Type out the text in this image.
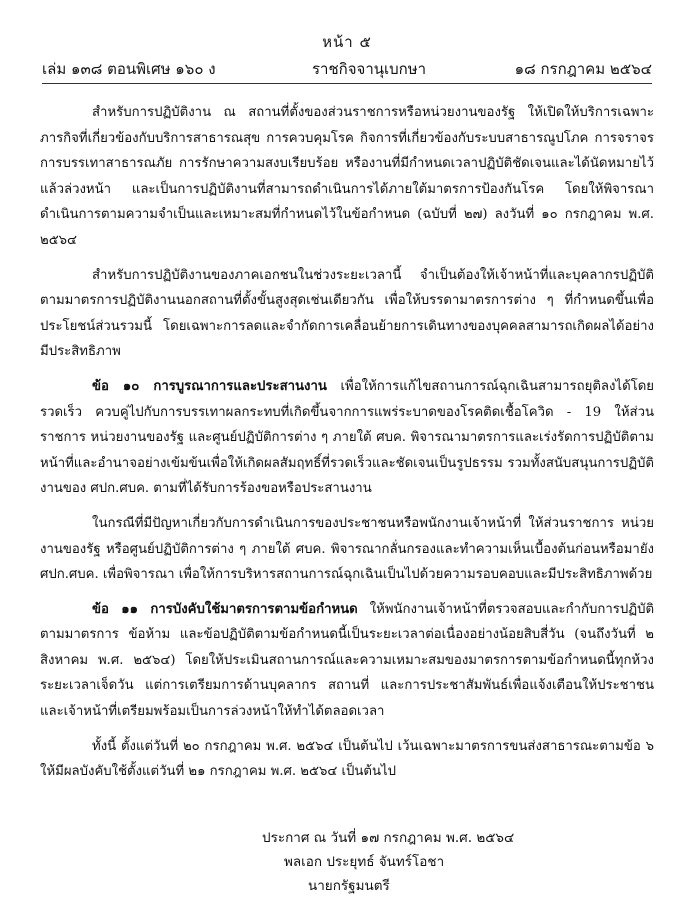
หน้า ๕
เล่ม ๑๓๘ ตอนพิเศษ ๑๖๐ ง	ราชกิจจานุเบกษา	๑๘ กรกฎาคม ๒๕๖๔

สำหรับการปฏิบัติงาน ณ สถานที่ตั้งของส่วนราชการหรือหน่วยงานของรัฐ ให้เปิดให้บริการเฉพาะภารกิจที่เกี่ยวข้องกับบริการสาธารณสุข การควบคุมโรค กิจการที่เกี่ยวข้องกับระบบสาธารณูปโภค การจราจร การบรรเทาสาธารณภัย การรักษาความสงบเรียบร้อย หรืองานที่มีกำหนดเวลาปฏิบัติชัดเจนและได้นัดหมายไว้แล้วล่วงหน้า และเป็นการปฏิบัติงานที่สามารถดำเนินการได้ภายใต้มาตรการป้องกันโรค โดยให้พิจารณาดำเนินการตามความจำเป็นและเหมาะสมที่กำหนดไว้ในข้อกำหนด (ฉบับที่ ๒๗) ลงวันที่ ๑๐ กรกฎาคม พ.ศ. ๒๕๖๔

สำหรับการปฏิบัติงานของภาคเอกชนในช่วงระยะเวลานี้ จำเป็นต้องให้เจ้าหน้าที่และบุคลากรปฏิบัติตามมาตรการปฏิบัติงานนอกสถานที่ตั้งขั้นสูงสุดเช่นเดียวกัน เพื่อให้บรรดามาตรการต่าง ๆ ที่กำหนดขึ้นเพื่อประโยชน์ส่วนรวมนี้ โดยเฉพาะการลดและจำกัดการเคลื่อนย้ายการเดินทางของบุคคลสามารถเกิดผลได้อย่างมีประสิทธิภาพ

ข้อ ๑๐ การบูรณาการและประสานงาน เพื่อให้การแก้ไขสถานการณ์ฉุกเฉินสามารถยุติลงได้โดยรวดเร็ว ควบคู่ไปกับการบรรเทาผลกระทบที่เกิดขึ้นจากการแพร่ระบาดของโรคติดเชื้อโควิด - 19 ให้ส่วนราชการ หน่วยงานของรัฐ และศูนย์ปฏิบัติการต่าง ๆ ภายใต้ ศบค. พิจารณามาตรการและเร่งรัดการปฏิบัติตามหน้าที่และอำนาจอย่างเข้มข้นเพื่อให้เกิดผลสัมฤทธิ์ที่รวดเร็วและชัดเจนเป็นรูปธรรม รวมทั้งสนับสนุนการปฏิบัติงานของ ศปก.ศบค. ตามที่ได้รับการร้องขอหรือประสานงาน

ในกรณีที่มีปัญหาเกี่ยวกับการดำเนินการของประชาชนหรือพนักงานเจ้าหน้าที่ ให้ส่วนราชการ หน่วยงานของรัฐ หรือศูนย์ปฏิบัติการต่าง ๆ ภายใต้ ศบค. พิจารณากลั่นกรองและทำความเห็นเบื้องต้นก่อนหรือมายัง ศปก.ศบค. เพื่อพิจารณา เพื่อให้การบริหารสถานการณ์ฉุกเฉินเป็นไปด้วยความรอบคอบและมีประสิทธิภาพด้วย

ข้อ ๑๑ การบังคับใช้มาตรการตามข้อกำหนด ให้พนักงานเจ้าหน้าที่ตรวจสอบและกำกับการปฏิบัติตามมาตรการ ข้อห้าม และข้อปฏิบัติตามข้อกำหนดนี้เป็นระยะเวลาต่อเนื่องอย่างน้อยสิบสี่วัน (จนถึงวันที่ ๒ สิงหาคม พ.ศ. ๒๕๖๔) โดยให้ประเมินสถานการณ์และความเหมาะสมของมาตรการตามข้อกำหนดนี้ทุกห้วงระยะเวลาเจ็ดวัน แต่การเตรียมการด้านบุคลากร สถานที่ และการประชาสัมพันธ์เพื่อแจ้งเตือนให้ประชาชนและเจ้าหน้าที่เตรียมพร้อมเป็นการล่วงหน้าให้ทำได้ตลอดเวลา

ทั้งนี้ ตั้งแต่วันที่ ๒๐ กรกฎาคม พ.ศ. ๒๕๖๔ เป็นต้นไป เว้นเฉพาะมาตรการขนส่งสาธารณะตามข้อ ๖ ให้มีผลบังคับใช้ตั้งแต่วันที่ ๒๑ กรกฎาคม พ.ศ. ๒๕๖๔ เป็นต้นไป

ประกาศ ณ วันที่ ๑๗ กรกฎาคม พ.ศ. ๒๕๖๔
พลเอก ประยุทธ์ จันทร์โอชา
นายกรัฐมนตรี
